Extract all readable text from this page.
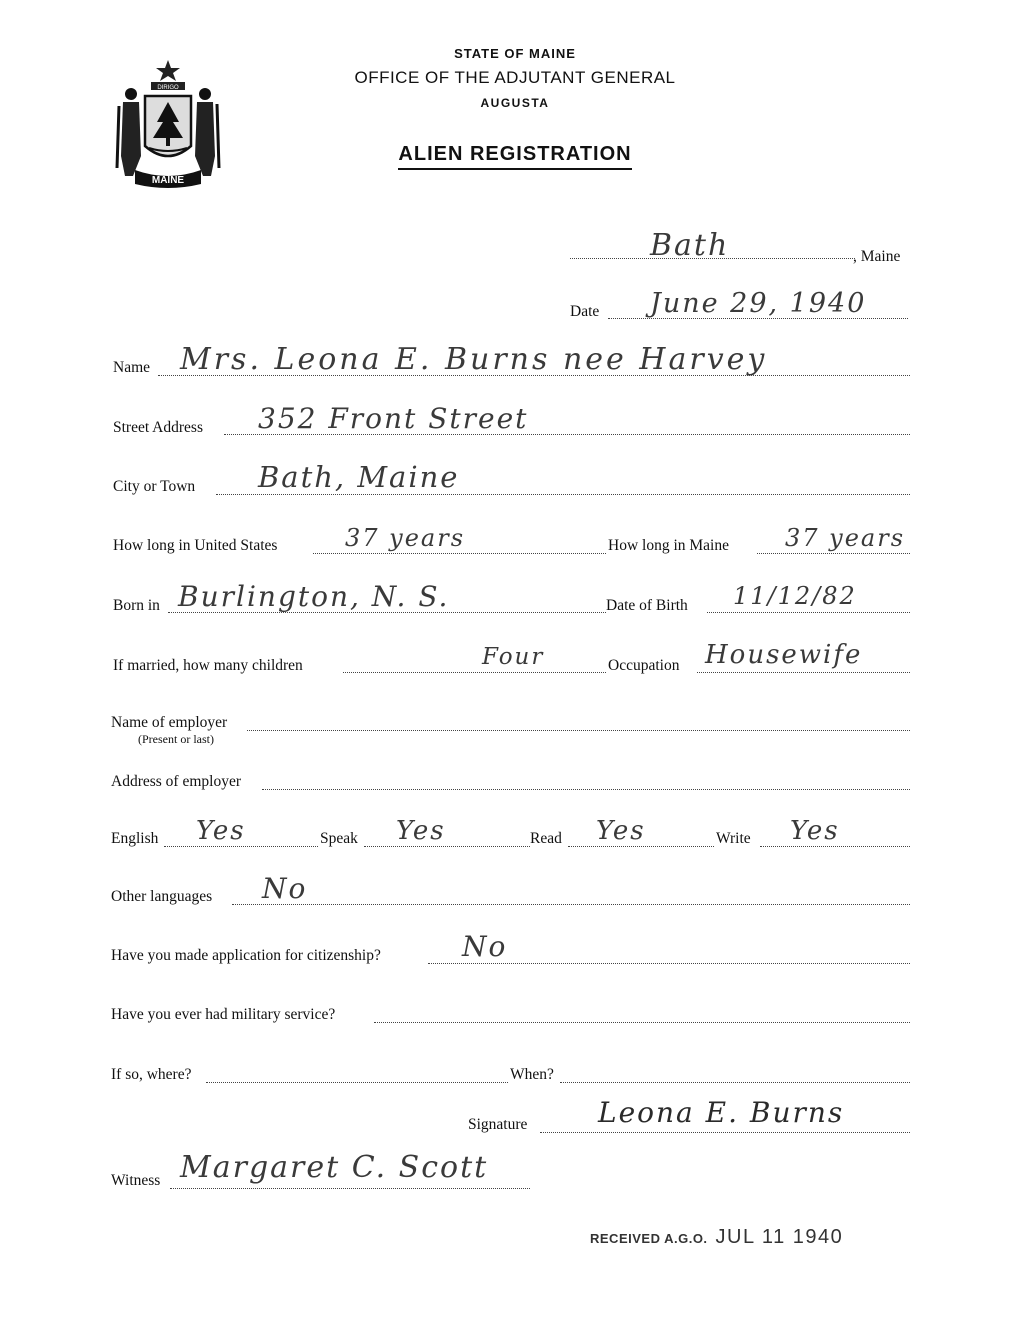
DIRIGO
MAINE
STATE OF MAINE
OFFICE OF THE ADJUTANT GENERAL
AUGUSTA
ALIEN REGISTRATION
Bath	, Maine
Date June 29, 1940
Name Mrs. Leona E. Burns nee Harvey
Street Address 352 Front Street
City or Town Bath, Maine
How long in United States	37 years	How long in Maine 37 years
Born in Burlington, N. S.	Date of Birth 11/12/82
If married, how many children	Four	Occupation Housewife
Name of employer
(Present or last)
Address of employer
English Yes	Speak Yes	Read Yes	Write Yes
Other languages No
Have you made application for citizenship?	No
Have you ever had military service?
If so, where?	When?
Signature	Leona E. Burns
Witness Margaret C. Scott
RECEIVED A.G.O. JUL 11 1940
